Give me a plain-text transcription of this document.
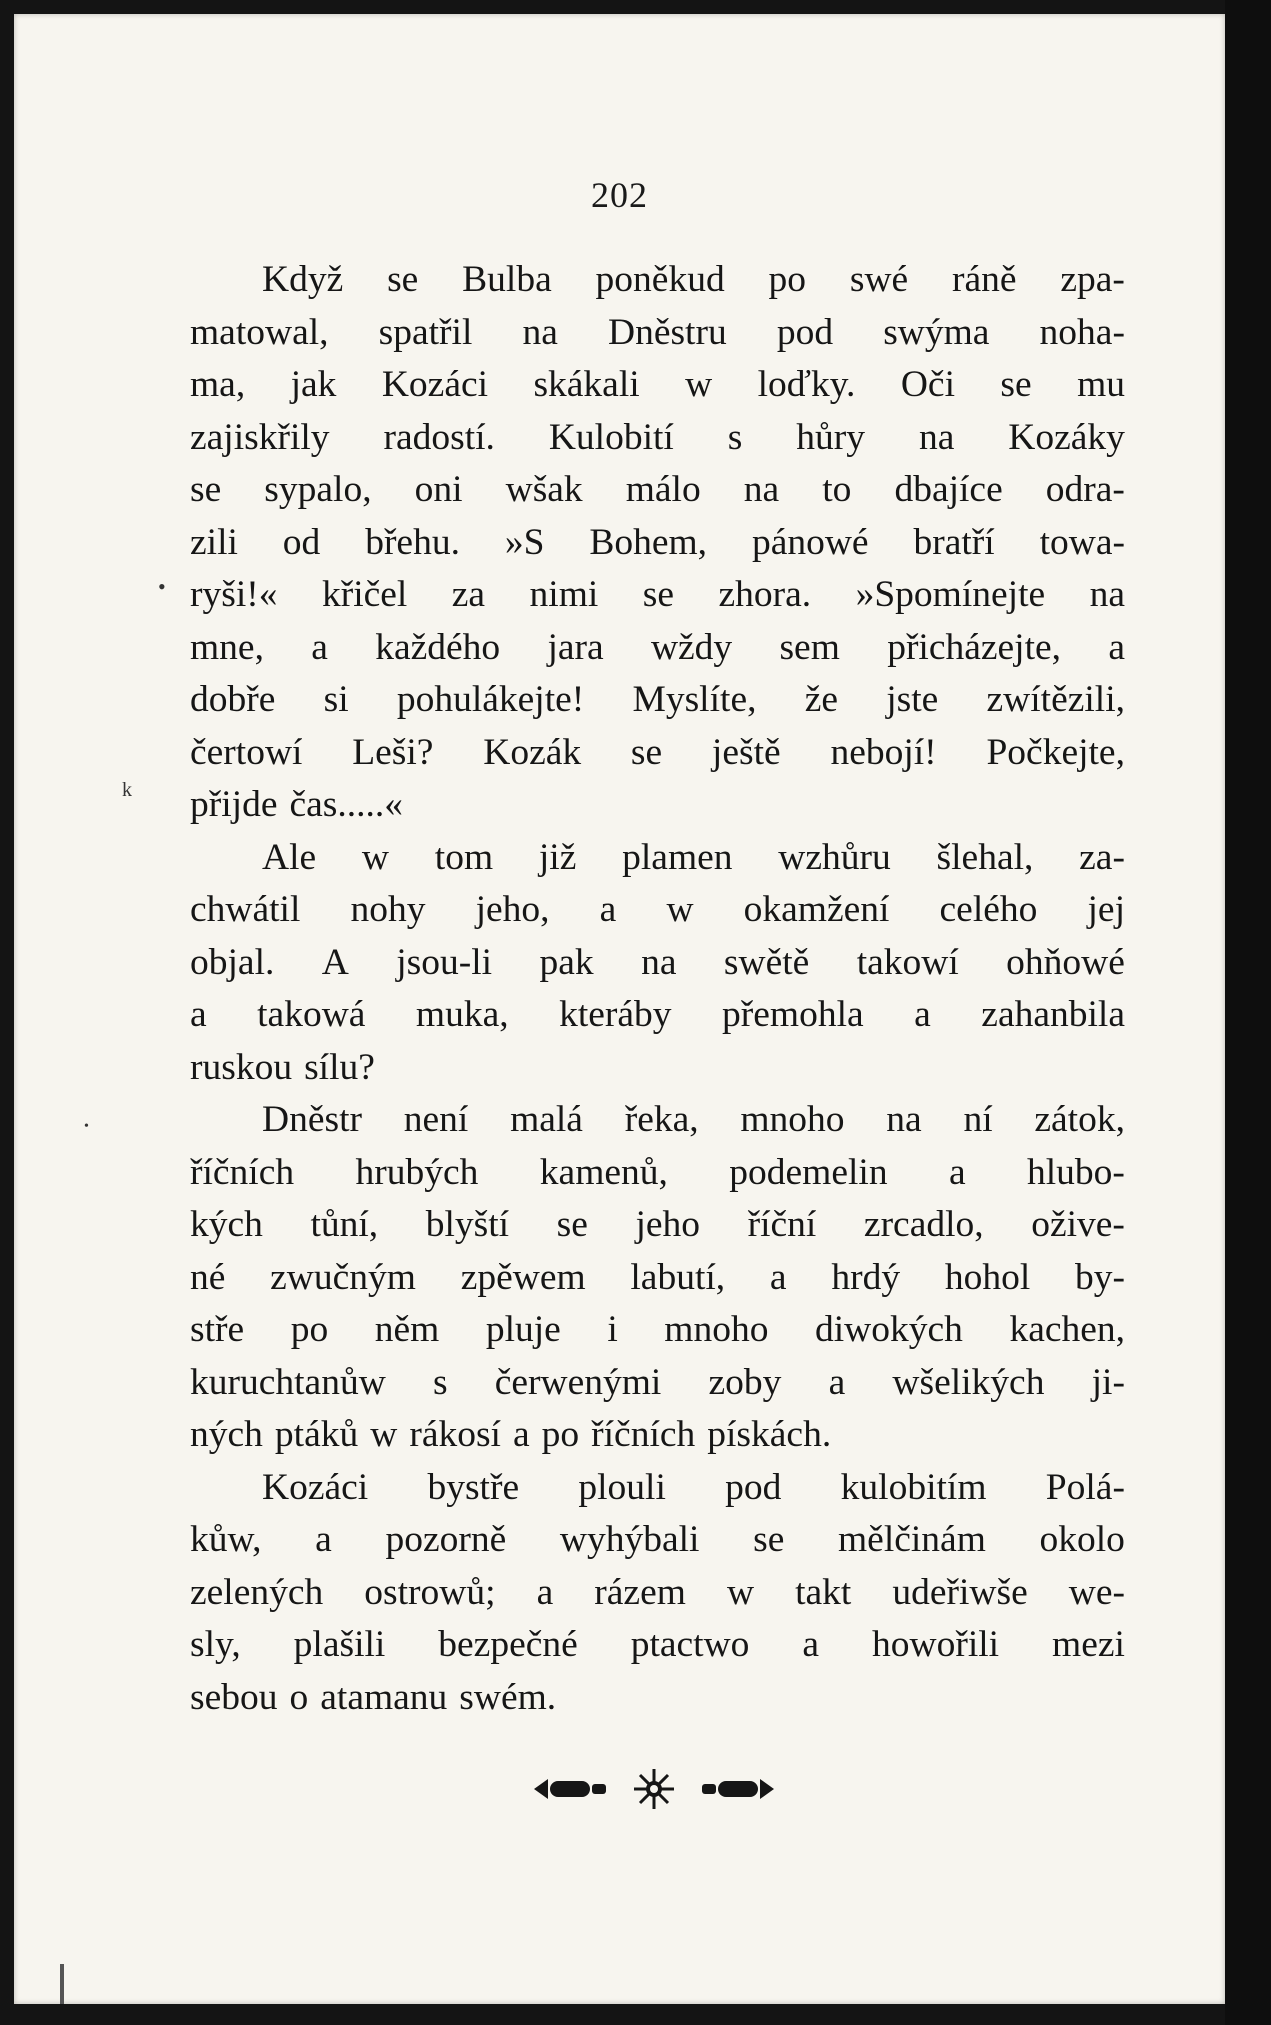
202
•
k
•
Když se Bulba poněkud po swé ráně zpa-
matowal, spatřil na Dněstru pod swýma noha-
ma, jak Kozáci skákali w loďky. Oči se mu
zajiskřily radostí. Kulobití s hůry na Kozáky
se sypalo, oni wšak málo na to dbajíce odra-
zili od břehu. »S Bohem, pánowé bratří towa-
ryši!« křičel za nimi se zhora. »Spomínejte na
mne, a každého jara wždy sem přicházejte, a
dobře si pohulákejte! Myslíte, že jste zwítězili,
čertowí Leši? Kozák se ještě nebojí! Počkejte,
přijde čas.....«
Ale w tom již plamen wzhůru šlehal, za-
chwátil nohy jeho, a w okamžení celého jej
objal. A jsou-li pak na swětě takowí ohňowé
a takowá muka, kteráby přemohla a zahanbila
ruskou sílu?
Dněstr není malá řeka, mnoho na ní zátok,
říčních hrubých kamenů, podemelin a hlubo-
kých tůní, blyští se jeho říční zrcadlo, ožive-
né zwučným zpěwem labutí, a hrdý hohol by-
stře po něm pluje i mnoho diwokých kachen,
kuruchtanůw s čerwenými zoby a wšelikých ji-
ných ptáků w rákosí a po říčních pískách.
Kozáci bystře plouli pod kulobitím Polá-
kůw, a pozorně wyhýbali se mělčinám okolo
zelených ostrowů; a rázem w takt udeřiwše we-
sly, plašili bezpečné ptactwo a howořili mezi
sebou o atamanu swém.
